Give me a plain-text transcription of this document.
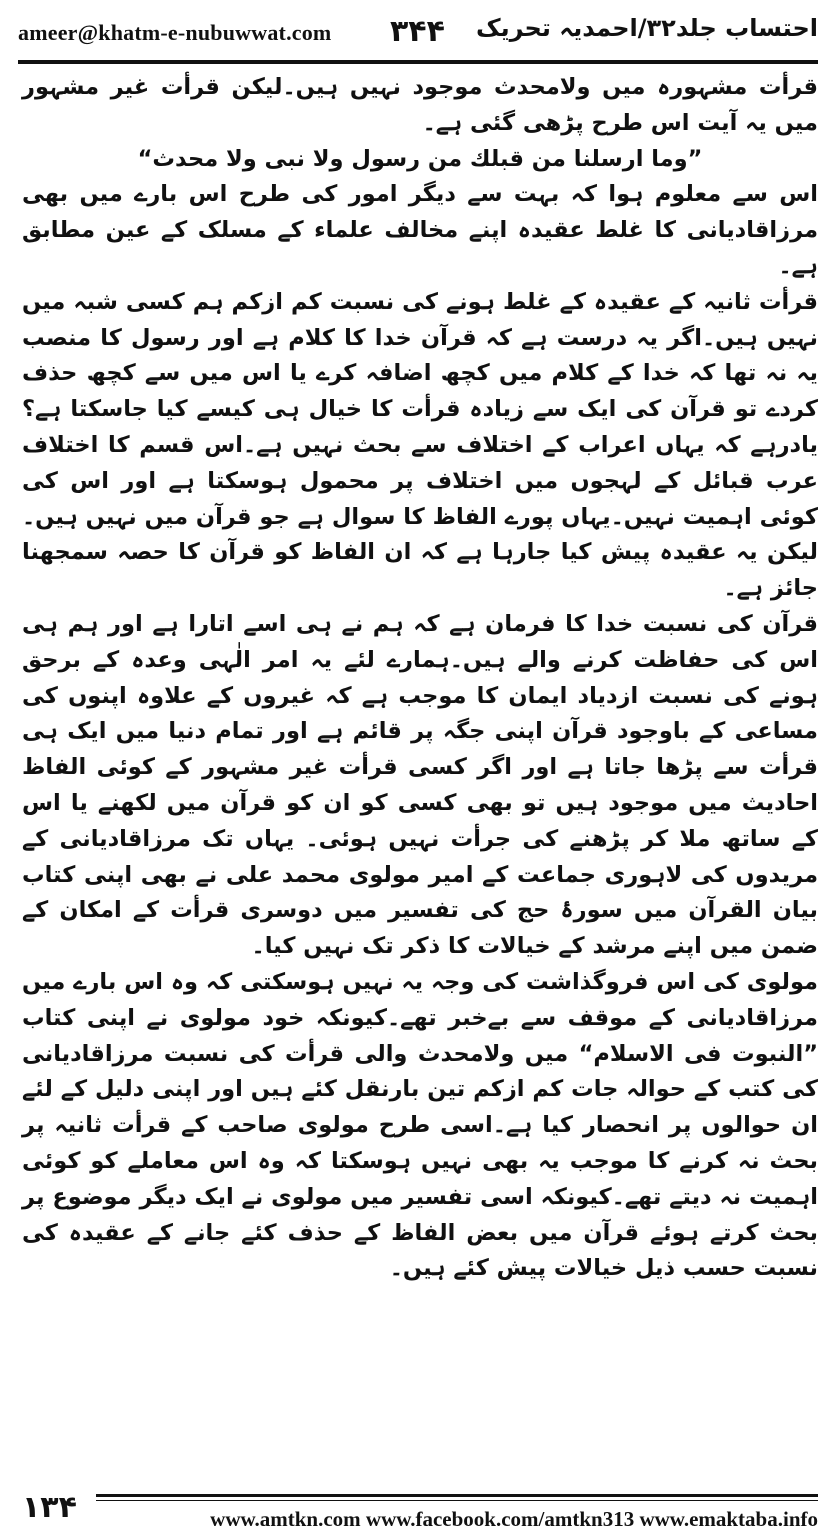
ameer@khatm-e-nubuwwat.com ۳۴۴ احتساب جلد۳۲/احمدیہ تحریک

قرأت مشہورہ میں ولامحدث موجود نہیں ہیں۔لیکن قرأت غیر مشہور میں یہ آیت اس طرح پڑھی گئی ہے۔

”وما ارسلنا من قبلك من رسول ولا نبی ولا محدث“

اس سے معلوم ہوا کہ بہت سے دیگر امور کی طرح اس بارے میں بھی مرزاقادیانی کا غلط عقیدہ اپنے مخالف علماء کے مسلک کے عین مطابق ہے۔

قرأت ثانیہ کے عقیدہ کے غلط ہونے کی نسبت کم ازکم ہم کسی شبہ میں نہیں ہیں۔اگر یہ درست ہے کہ قرآن خدا کا کلام ہے اور رسول کا منصب یہ نہ تھا کہ خدا کے کلام میں کچھ اضافہ کرے یا اس میں سے کچھ حذف کردے تو قرآن کی ایک سے زیادہ قرأت کا خیال ہی کیسے کیا جاسکتا ہے؟ یادرہے کہ یہاں اعراب کے اختلاف سے بحث نہیں ہے۔اس قسم کا اختلاف عرب قبائل کے لہجوں میں اختلاف پر محمول ہوسکتا ہے اور اس کی کوئی اہمیت نہیں۔یہاں پورے الفاظ کا سوال ہے جو قرآن میں نہیں ہیں۔لیکن یہ عقیدہ پیش کیا جارہا ہے کہ ان الفاظ کو قرآن کا حصہ سمجھنا جائز ہے۔

قرآن کی نسبت خدا کا فرمان ہے کہ ہم نے ہی اسے اتارا ہے اور ہم ہی اس کی حفاظت کرنے والے ہیں۔ہمارے لئے یہ امر الٰہی وعدہ کے برحق ہونے کی نسبت ازدیاد ایمان کا موجب ہے کہ غیروں کے علاوہ اپنوں کی مساعی کے باوجود قرآن اپنی جگہ پر قائم ہے اور تمام دنیا میں ایک ہی قرأت سے پڑھا جاتا ہے اور اگر کسی قرأت غیر مشہور کے کوئی الفاظ احادیث میں موجود ہیں تو بھی کسی کو ان کو قرآن میں لکھنے یا اس کے ساتھ ملا کر پڑھنے کی جرأت نہیں ہوئی۔ یہاں تک مرزاقادیانی کے مریدوں کی لاہوری جماعت کے امیر مولوی محمد علی نے بھی اپنی کتاب بیان القرآن میں سورۂ حج کی تفسیر میں دوسری قرأت کے امکان کے ضمن میں اپنے مرشد کے خیالات کا ذکر تک نہیں کیا۔

مولوی کی اس فروگذاشت کی وجہ یہ نہیں ہوسکتی کہ وہ اس بارے میں مرزاقادیانی کے موقف سے بےخبر تھے۔کیونکہ خود مولوی نے اپنی کتاب ”النبوت فی الاسلام“ میں ولامحدث والی قرأت کی نسبت مرزاقادیانی کی کتب کے حوالہ جات کم ازکم تین بارنقل کئے ہیں اور اپنی دلیل کے لئے ان حوالوں پر انحصار کیا ہے۔اسی طرح مولوی صاحب کے قرأت ثانیہ پر بحث نہ کرنے کا موجب یہ بھی نہیں ہوسکتا کہ وہ اس معاملے کو کوئی اہمیت نہ دیتے تھے۔کیونکہ اسی تفسیر میں مولوی نے ایک دیگر موضوع پر بحث کرتے ہوئے قرآن میں بعض الفاظ کے حذف کئے جانے کے عقیدہ کی نسبت حسب ذیل خیالات پیش کئے ہیں۔

۱۳۴	www.amtkn.com www.facebook.com/amtkn313 www.emaktaba.info
